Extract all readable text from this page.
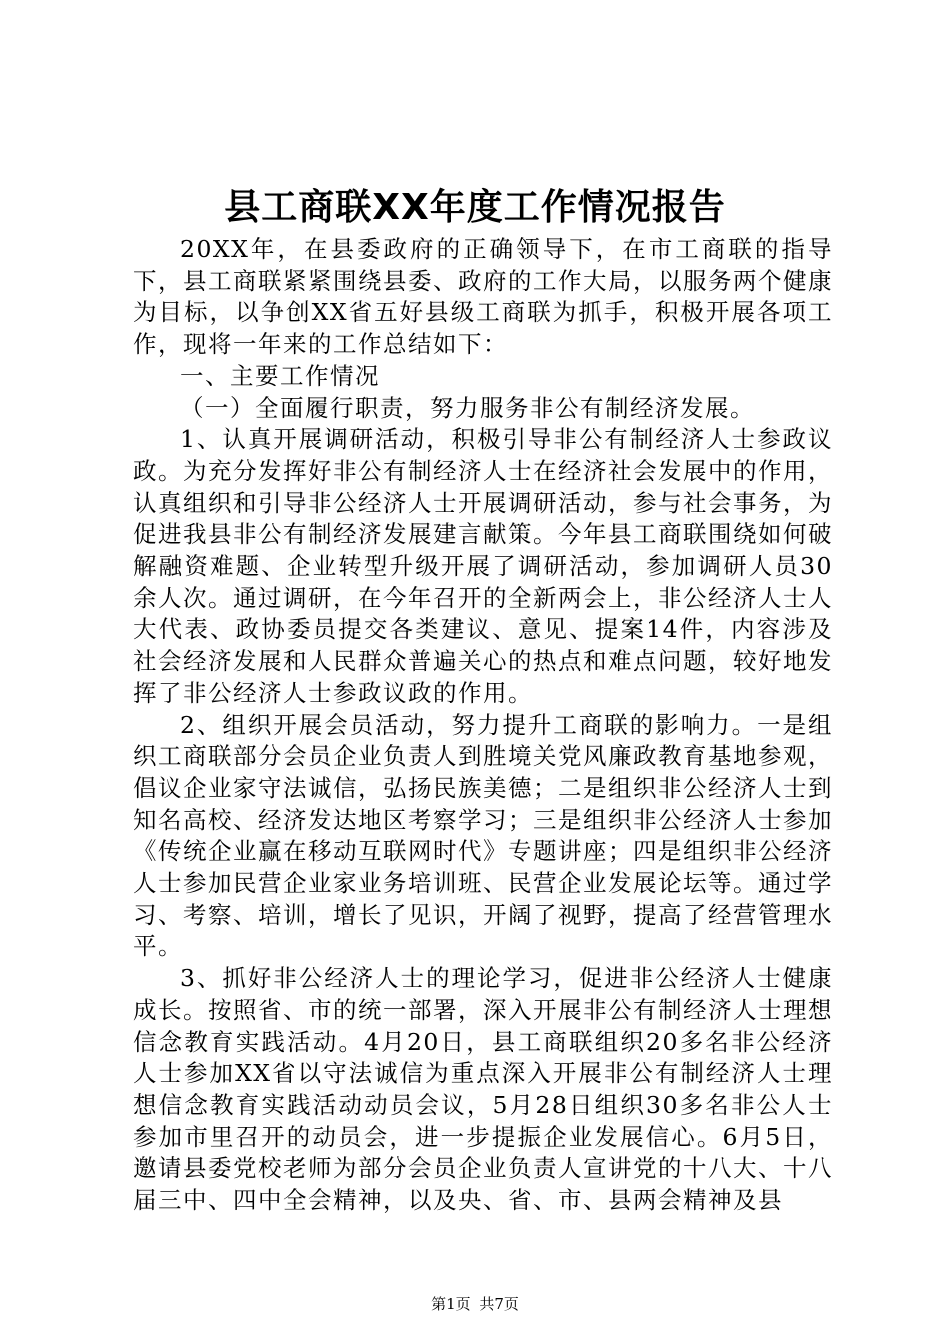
县工商联XX年度工作情况报告

20XX年，在县委政府的正确领导下，在市工商联的指导下，县工商联紧紧围绕县委、政府的工作大局，以服务两个健康为目标，以争创XX省五好县级工商联为抓手，积极开展各项工作，现将一年来的工作总结如下：

一、主要工作情况

（一）全面履行职责，努力服务非公有制经济发展。

1、认真开展调研活动，积极引导非公有制经济人士参政议政。为充分发挥好非公有制经济人士在经济社会发展中的作用，认真组织和引导非公经济人士开展调研活动，参与社会事务，为促进我县非公有制经济发展建言献策。今年县工商联围绕如何破解融资难题、企业转型升级开展了调研活动，参加调研人员30余人次。通过调研，在今年召开的全新两会上，非公经济人士人大代表、政协委员提交各类建议、意见、提案14件，内容涉及社会经济发展和人民群众普遍关心的热点和难点问题，较好地发挥了非公经济人士参政议政的作用。

2、组织开展会员活动，努力提升工商联的影响力。一是组织工商联部分会员企业负责人到胜境关党风廉政教育基地参观，倡议企业家守法诚信，弘扬民族美德；二是组织非公经济人士到知名高校、经济发达地区考察学习；三是组织非公经济人士参加《传统企业赢在移动互联网时代》专题讲座；四是组织非公经济人士参加民营企业家业务培训班、民营企业发展论坛等。通过学习、考察、培训，增长了见识，开阔了视野，提高了经营管理水平。

3、抓好非公经济人士的理论学习，促进非公经济人士健康成长。按照省、市的统一部署，深入开展非公有制经济人士理想信念教育实践活动。4月20日，县工商联组织20多名非公经济人士参加XX省以守法诚信为重点深入开展非公有制经济人士理想信念教育实践活动动员会议，5月28日组织30多名非公人士参加市里召开的动员会，进一步提振企业发展信心。6月5日，邀请县委党校老师为部分会员企业负责人宣讲党的十八大、十八届三中、四中全会精神，以及央、省、市、县两会精神及县

第1页 共7页
